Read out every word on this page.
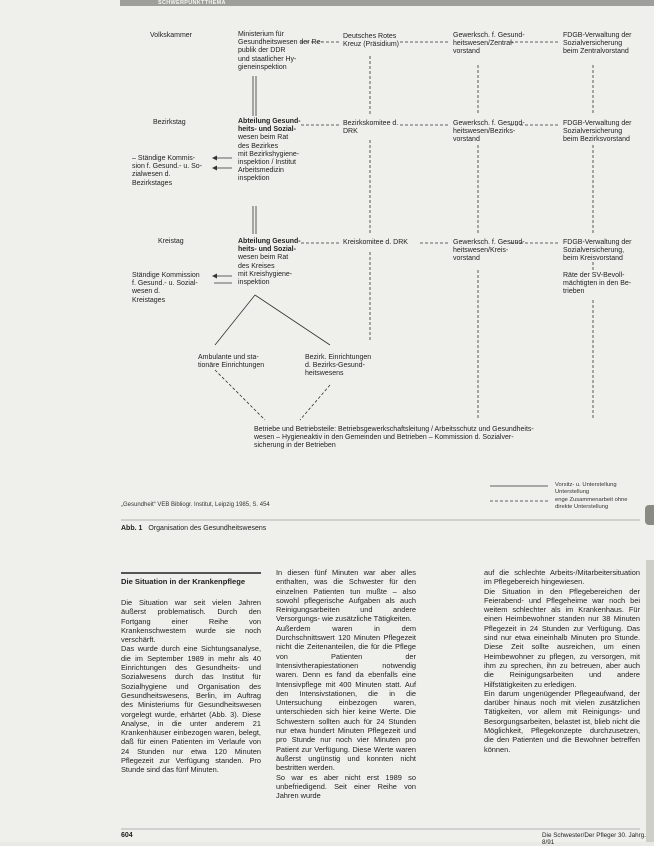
SCHWERPUNKTTHEMA
Volkskammer
Bezirkstag
Kreistag
Ministerium für
Gesundheitswesen der Re-
publik der DDR
und staatlicher Hy-
gieneinspektion
Abteilung Gesund-
heits- und Sozial-
wesen beim Rat
des Bezirkes
mit Bezirkshygiene-
inspektion / Institut
Arbeitsmedizin
inspektion
– Ständige Kommis-
sion f. Gesund.- u. So-
zialwesen d.
Bezirkstages
Abteilung Gesund-
heits- und Sozial-
wesen beim Rat
des Kreises
mit Kreishygiene-
inspektion
Ständige Kommission
f. Gesund.- u. Sozial-
wesen d.
Kreistages
Deutsches Rotes
Kreuz (Präsidium)
Bezirkskomitee d.
DRK
Kreiskomitee d. DRK
Gewerksch. f. Gesund-
heitswesen/Zentral-
vorstand
Gewerksch. f. Gesund-
heitswesen/Bezirks-
vorstand
Gewerksch. f. Gesund-
heitswesen/Kreis-
vorstand
FDGB-Verwaltung der
Sozialversicherung
beim Zentralvorstand
FDGB-Verwaltung der
Sozialversicherung
beim Bezirksvorstand
FDGB-Verwaltung der
Sozialversicherung,
beim Kreisvorstand
Räte der SV-Bevoll-
mächtigten in den Be-
trieben
Ambulante und sta-
tionäre Einrichtungen
Bezirk. Einrichtungen
d. Bezirks-Gesund-
heitswesens
Betriebe und Betriebsteile: Betriebsgewerkschaftsleitung / Arbeitsschutz und Gesundheits-
wesen – Hygieneaktiv in den Gemeinden und Betrieben – Kommission d. Sozialver-
sicherung in der Betrieben
Vorsitz- u. Unterstellung
Unterstellung
enge Zusammenarbeit ohne
direkte Unterstellung
„Gesundheit“ VEB Bibliogr. Institut, Leipzig 1985, S. 454
Abb. 1 Organisation des Gesundheitswesens
Die Situation in der Krankenpflege

Die Situation war seit vielen Jahren äußerst problematisch. Durch den Fortgang einer Reihe von Krankenschwestern wurde sie noch verschärft.

Das wurde durch eine Sichtungsanalyse, die im September 1989 in mehr als 40 Einrichtungen des Gesundheits- und Sozialwesens durch das Institut für Sozialhygiene und Organisation des Gesundheitswesens, Berlin, im Auftrag des Ministeriums für Gesundheitswesen vorgelegt wurde, erhärtet (Abb. 3). Diese Analyse, in die unter anderem 21 Krankenhäuser einbezogen waren, belegt, daß für einen Patienten im Verlaufe von 24 Stunden nur etwa 120 Minuten Pflegezeit zur Verfügung standen. Pro Stunde sind das fünf Minuten.

In diesen fünf Minuten war aber alles enthalten, was die Schwester für den einzelnen Patienten tun mußte – also sowohl pflegerische Aufgaben als auch Reinigungsarbeiten und andere Versorgungs- wie zusätzliche Tätigkeiten.

Außerdem waren in dem Durchschnittswert 120 Minuten Pflegezeit nicht die Zeitenanteilen, die für die Pflege von Patienten der Intensivtherapiestationen notwendig waren. Denn es fand da ebenfalls eine Intensivpflege mit 400 Minuten statt. Auf den Intensivstationen, die in die Untersuchung einbezogen waren, unterschieden sich hier keine Werte. Die Schwestern sollten auch für 24 Stunden nur etwa hundert Minuten Pflegezeit und pro Stunde nur noch vier Minuten pro Patient zur Verfügung. Diese Werte waren äußerst ungünstig und konnten nicht bestritten werden.

So war es aber nicht erst 1989 so unbefriedigend. Seit einer Reihe von Jahren wurde

auf die schlechte Arbeits-/Mitarbeitersituation im Pflegebereich hingewiesen.

Die Situation in den Pflegebereichen der Feierabend- und Pflegeheime war noch bei weitem schlechter als im Krankenhaus. Für einen Heimbewohner standen nur 38 Minuten Pflegezeit in 24 Stunden zur Verfügung. Das sind nur etwa eineinhalb Minuten pro Stunde. Diese Zeit sollte ausreichen, um einen Heimbewohner zu pflegen, zu versorgen, mit ihm zu sprechen, ihn zu betreuen, aber auch die Reinigungsarbeiten und andere Hilfstätigkeiten zu erledigen.

Ein darum ungenügender Pflegeaufwand, der darüber hinaus noch mit vielen zusätzlichen Tätigkeiten, vor allem mit Reinigungs- und Besorgungsarbeiten, belastet ist, blieb nicht die Möglichkeit, Pflegekonzepte durchzusetzen, die den Patienten und die Bewohner betreffen können.

604	Die Schwester/Der Pfleger 30. Jahrg. 8/91
